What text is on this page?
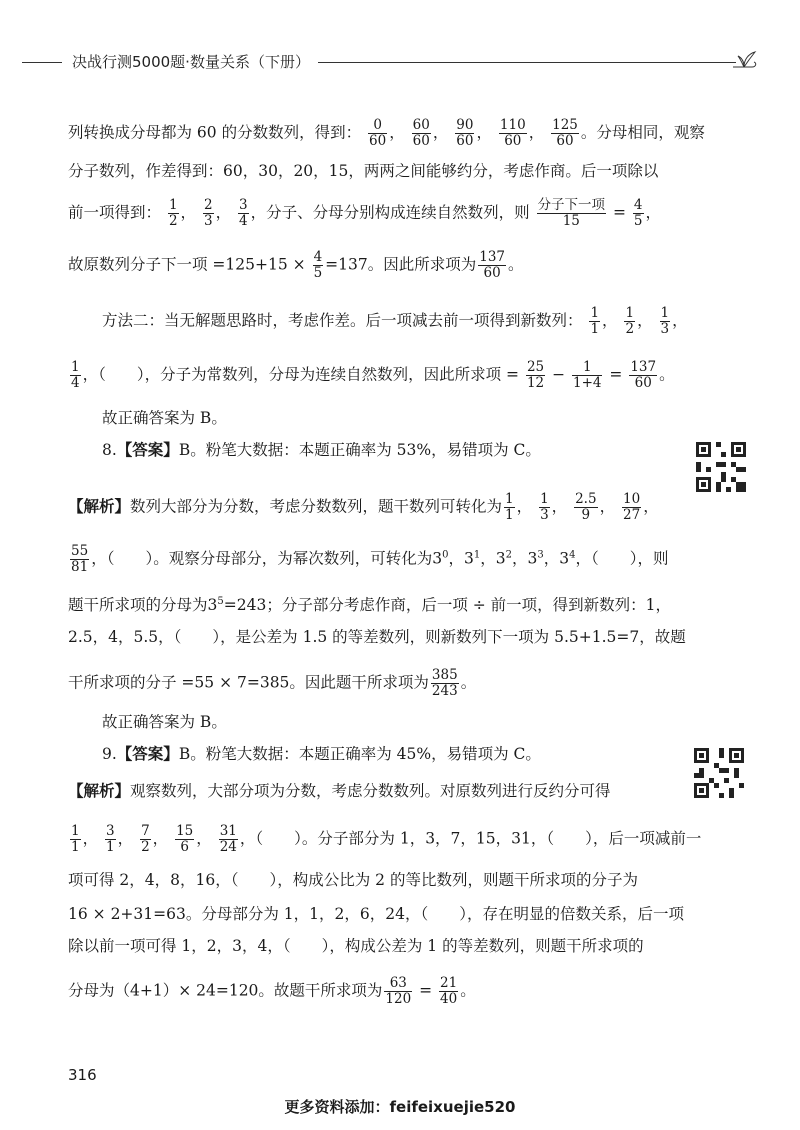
决战行测5000题·数量关系（下册）
列转换成分母都为 60 的分数数列，得到： $\frac{0}{60}$ ， $\frac{60}{60}$ ， $\frac{90}{60}$ ， $\frac{110}{60}$ ， $\frac{125}{60}$ 。分母相同，观察
分子数列，作差得到：60，30，20，15，两两之间能够约分，考虑作商。后一项除以
前一项得到： $\frac{1}{2}$ ， $\frac{2}{3}$ ， $\frac{3}{4}$ ，分子、分母分别构成连续自然数列，则 $\frac{\text{分子下一项}}{15} = \frac{4}{5}$ ，
故原数列分子下一项 $=125+15 \times \frac{4}{5} =137$。因此所求项为 $\frac{137}{60}$ 。
方法二：当无解题思路时，考虑作差。后一项减去前一项得到新数列： $\frac{1}{1}$ ， $\frac{1}{2}$ ， $\frac{1}{3}$ ，
$\frac{1}{4}$ ，（　　），分子为常数列，分母为连续自然数列，因此所求项 = $\frac{25}{12} - \frac{1}{1+4} = \frac{137}{60}$ 。
故正确答案为 B。
8.【答案】B。粉笔大数据：本题正确率为 53%，易错项为 C。
【解析】数列大部分为分数，考虑分数数列，题干数列可转化为 $\frac{1}{1}$ ， $\frac{1}{3}$ ， $\frac{2.5}{9}$ ， $\frac{10}{27}$ ，
$\frac{55}{81}$ ，（　　）。观察分母部分，为幂次数列，可转化为$3^0$，$3^1$，$3^2$，$3^3$，$3^4$，（　　），则
题干所求项的分母为$3^5=243$；分子部分考虑作商，后一项 ÷ 前一项，得到新数列：1，
2.5，4，5.5，（　　），是公差为 1.5 的等差数列，则新数列下一项为 5.5+1.5=7，故题
干所求项的分子 =55 × 7=385。因此题干所求项为 $\frac{385}{243}$ 。
故正确答案为 B。
9.【答案】B。粉笔大数据：本题正确率为 45%，易错项为 C。
【解析】观察数列，大部分项为分数，考虑分数数列。对原数列进行反约分可得
$\frac{1}{1}$ ， $\frac{3}{1}$ ， $\frac{7}{2}$ ， $\frac{15}{6}$ ， $\frac{31}{24}$ ，（　　）。分子部分为 1，3，7，15，31，（　　），后一项减前一
项可得 2，4，8，16，（　　），构成公比为 2 的等比数列，则题干所求项的分子为
16 × 2+31=63。分母部分为 1，1，2，6，24，（　　），存在明显的倍数关系，后一项
除以前一项可得 1，2，3，4，（　　），构成公差为 1 的等差数列，则题干所求项的
分母为（4+1）× 24=120。故题干所求项为 $\frac{63}{120} = \frac{21}{40}$ 。
316
更多资料添加：feifeixuejie520
